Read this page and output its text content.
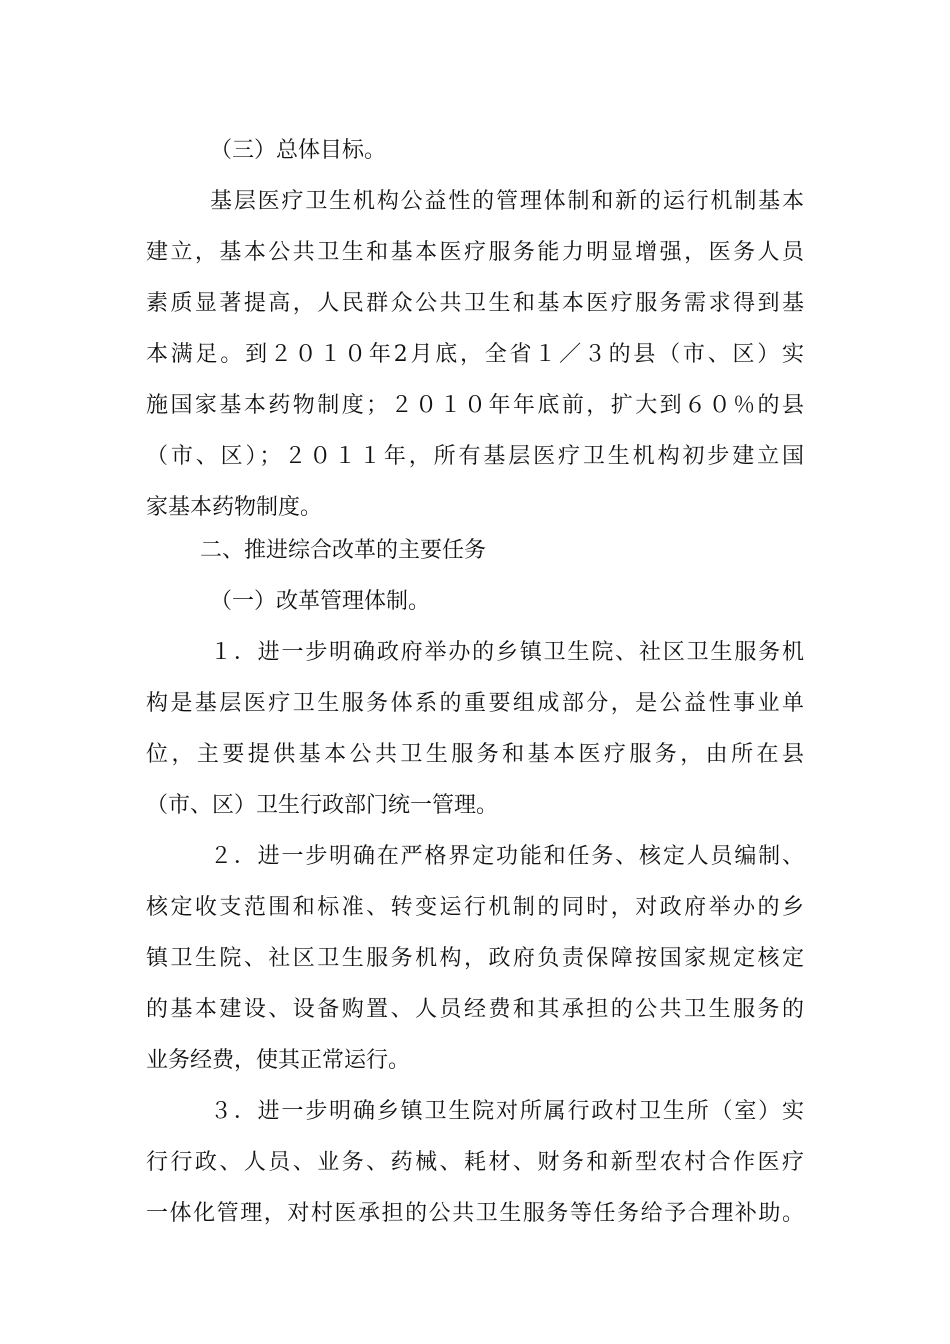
（三）总体目标。
基层医疗卫生机构公益性的管理体制和新的运行机制基本
建立，基本公共卫生和基本医疗服务能力明显增强，医务人员
素质显著提高，人民群众公共卫生和基本医疗服务需求得到基
本满足。到２０１０年2月底，全省１／３的县（市、区）实
施国家基本药物制度；２０１０年年底前，扩大到６０％的县
（市、区）；２０１１年，所有基层医疗卫生机构初步建立国
家基本药物制度。
二、推进综合改革的主要任务
（一）改革管理体制。
１．进一步明确政府举办的乡镇卫生院、社区卫生服务机
构是基层医疗卫生服务体系的重要组成部分，是公益性事业单
位，主要提供基本公共卫生服务和基本医疗服务，由所在县
（市、区）卫生行政部门统一管理。
２．进一步明确在严格界定功能和任务、核定人员编制、
核定收支范围和标准、转变运行机制的同时，对政府举办的乡
镇卫生院、社区卫生服务机构，政府负责保障按国家规定核定
的基本建设、设备购置、人员经费和其承担的公共卫生服务的
业务经费，使其正常运行。
３．进一步明确乡镇卫生院对所属行政村卫生所（室）实
行行政、人员、业务、药械、耗材、财务和新型农村合作医疗
一体化管理，对村医承担的公共卫生服务等任务给予合理补助。
